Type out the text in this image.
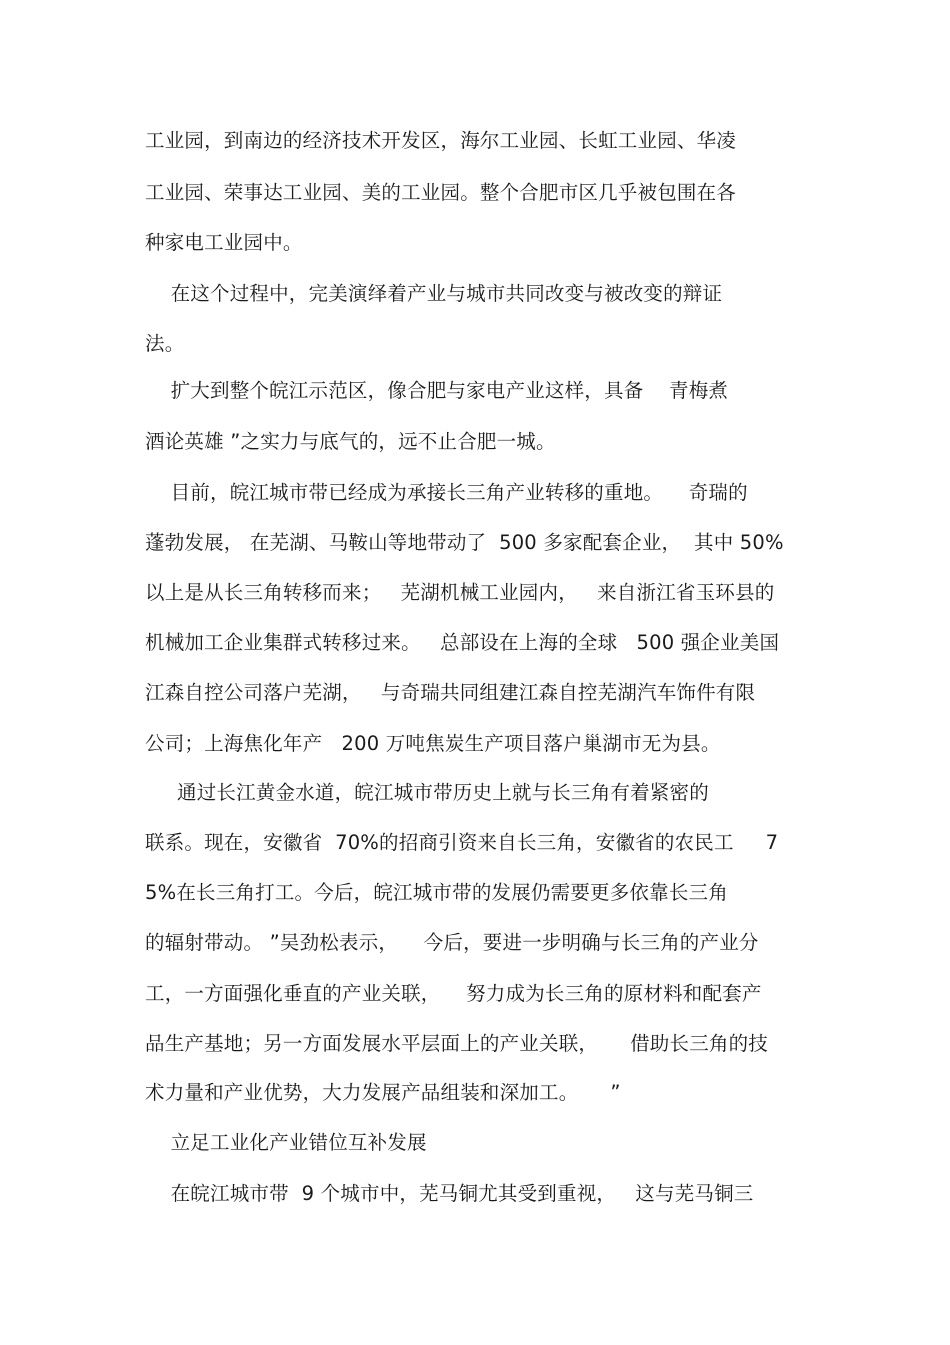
工业园，到南边的经济技术开发区，海尔工业园、长虹工业园、华凌
工业园、荣事达工业园、美的工业园。整个合肥市区几乎被包围在各
种家电工业园中。
在这个过程中，完美演绎着产业与城市共同改变与被改变的辩证
法。
扩大到整个皖江示范区，像合肥与家电产业这样，具备    青梅煮
酒论英雄 ”之实力与底气的，远不止合肥一城。
目前，皖江城市带已经成为承接长三角产业转移的重地。    奇瑞的
蓬勃发展， 在芜湖、马鞍山等地带动了  500 多家配套企业，  其中 50%
以上是从长三角转移而来；   芜湖机械工业园内，   来自浙江省玉环县的
机械加工企业集群式转移过来。   总部设在上海的全球   500 强企业美国
江森自控公司落户芜湖，   与奇瑞共同组建江森自控芜湖汽车饰件有限
公司；上海焦化年产   200 万吨焦炭生产项目落户巢湖市无为县。
通过长江黄金水道，皖江城市带历史上就与长三角有着紧密的
联系。现在，安徽省  70%的招商引资来自长三角，安徽省的农民工     7
5%在长三角打工。今后，皖江城市带的发展仍需要更多依靠长三角
的辐射带动。 ”吴劲松表示，    今后，要进一步明确与长三角的产业分
工，一方面强化垂直的产业关联，    努力成为长三角的原材料和配套产
品生产基地；另一方面发展水平层面上的产业关联，     借助长三角的技
术力量和产业优势，大力发展产品组装和深加工。     ”
立足工业化产业错位互补发展
在皖江城市带  9 个城市中，芜马铜尤其受到重视，   这与芜马铜三
